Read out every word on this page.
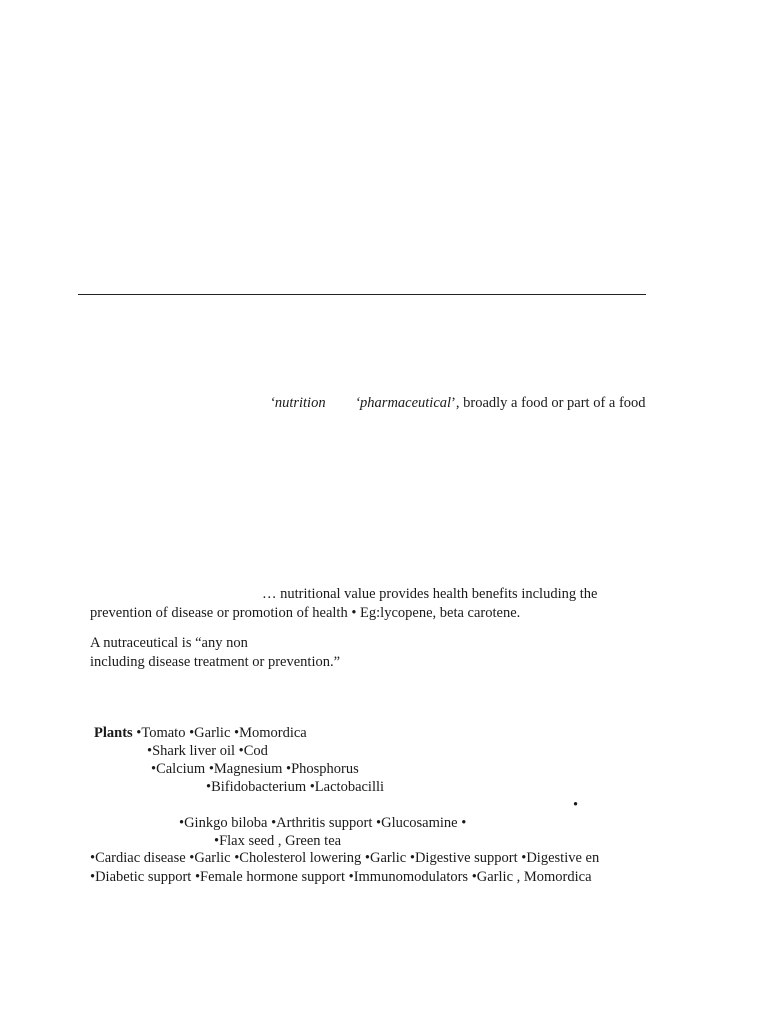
‘nutrition ‘pharmaceutical’, broadly a food or part of a food
… nutritional value provides health benefits including the
prevention of disease or promotion of health • Eg:lycopene, beta carotene.
A nutraceutical is “any non
including disease treatment or prevention.”
Plants •Tomato •Garlic •Momordica
•Shark liver oil •Cod
•Calcium •Magnesium •Phosphorus
•Bifidobacterium •Lactobacilli
•
•Ginkgo biloba •Arthritis support •Glucosamine •
•Flax seed , Green tea
•Cardiac disease •Garlic •Cholesterol lowering •Garlic •Digestive support •Digestive en
•Diabetic support •Female hormone support •Immunomodulators •Garlic , Momordica
